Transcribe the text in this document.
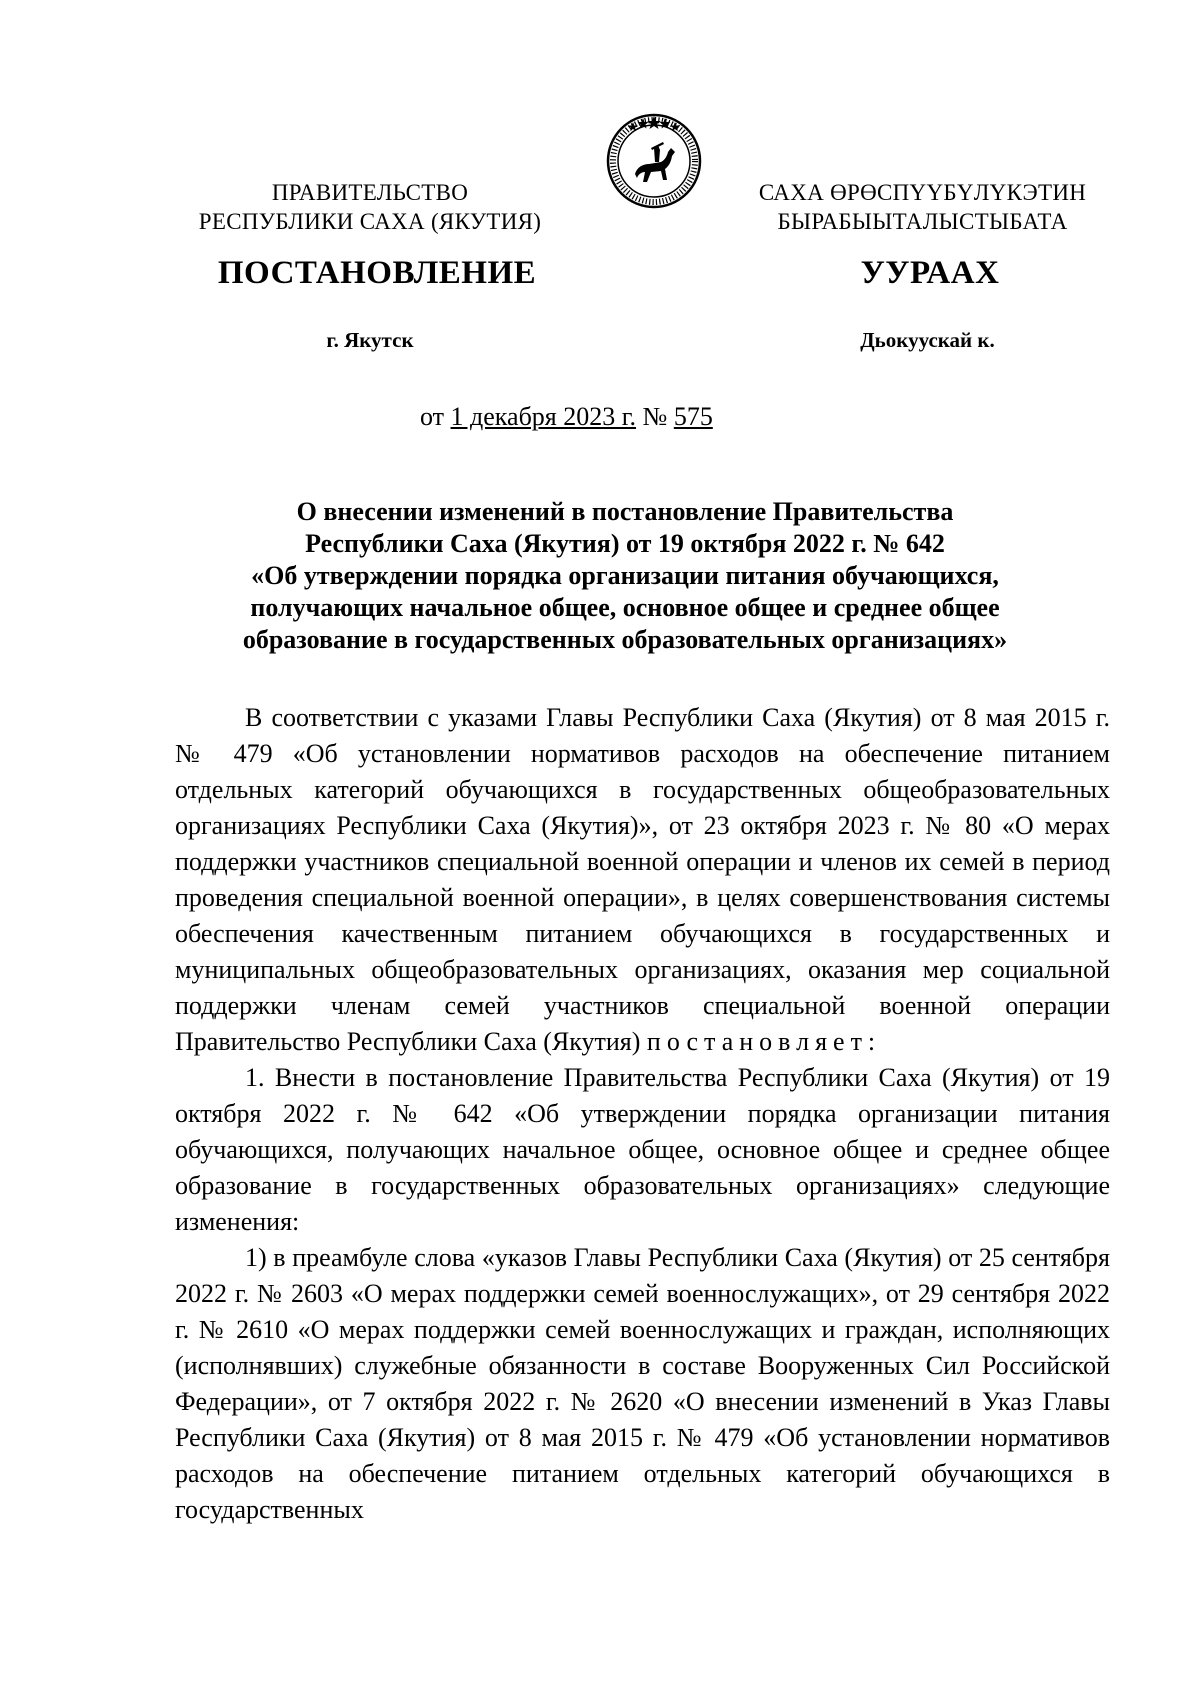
ПРАВИТЕЛЬСТВО
РЕСПУБЛИКИ САХА (ЯКУТИЯ)
САХА ӨРӨСПҮҮБҮЛҮКЭТИН
БЫРАБЫЫТАЛЫСТЫБАТА
ПОСТАНОВЛЕНИЕ	УУРААХ
г. Якутск	Дьокуускай к.
от 1 декабря 2023 г. № 575
О внесении изменений в постановление Правительства
Республики Саха (Якутия) от 19 октября 2022 г. № 642
«Об утверждении порядка организации питания обучающихся,
получающих начальное общее, основное общее и среднее общее
образование в государственных образовательных организациях»

В соответствии с указами Главы Республики Саха (Якутия) от 8 мая 2015 г. № 479 «Об установлении нормативов расходов на обеспечение питанием отдельных категорий обучающихся в государственных общеобразовательных организациях Республики Саха (Якутия)», от 23 октября 2023 г. № 80 «О мерах поддержки участников специальной военной операции и членов их семей в период проведения специальной военной операции», в целях совершенствования системы обеспечения качественным питанием обучающихся в государственных и муниципальных общеобразовательных организациях, оказания мер социальной поддержки членам семей участников специальной военной операции Правительство Республики Саха (Якутия) постановляет:

1. Внести в постановление Правительства Республики Саха (Якутия) от 19 октября 2022 г. № 642 «Об утверждении порядка организации питания обучающихся, получающих начальное общее, основное общее и среднее общее образование в государственных образовательных организациях» следующие изменения:

1) в преамбуле слова «указов Главы Республики Саха (Якутия) от 25 сентября 2022 г. № 2603 «О мерах поддержки семей военнослужащих», от 29 сентября 2022 г. № 2610 «О мерах поддержки семей военнослужащих и граждан, исполняющих (исполнявших) служебные обязанности в составе Вооруженных Сил Российской Федерации», от 7 октября 2022 г. № 2620 «О внесении изменений в Указ Главы Республики Саха (Якутия) от 8 мая 2015 г. № 479 «Об установлении нормативов расходов на обеспечение питанием отдельных категорий обучающихся в государственных
